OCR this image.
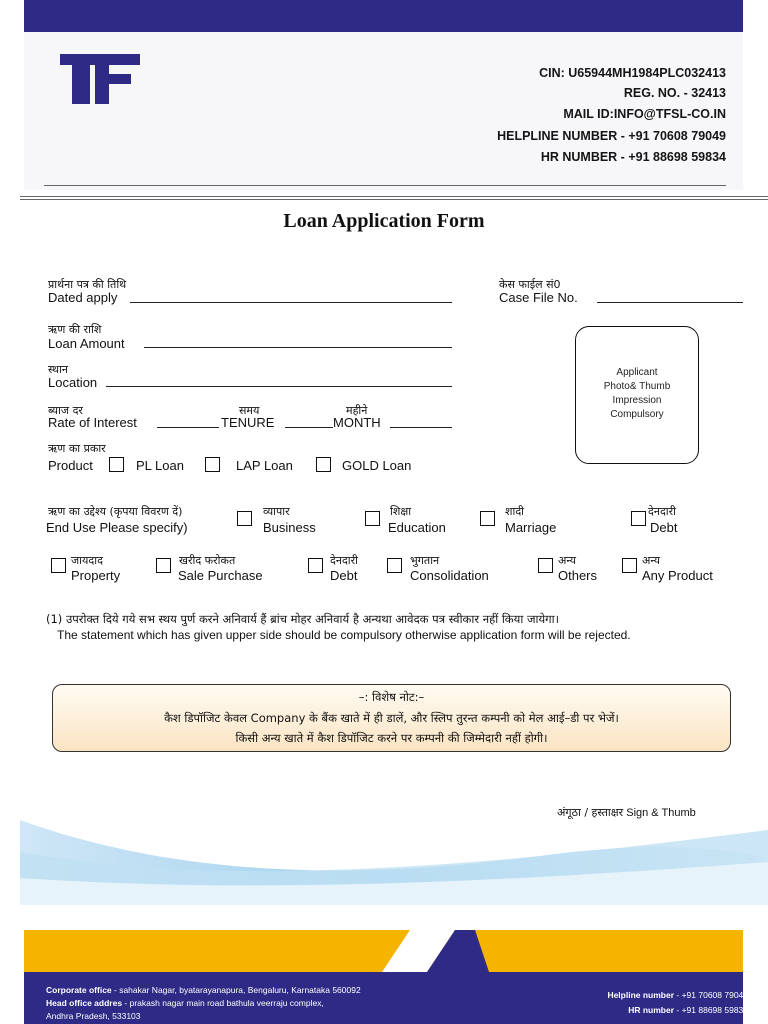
CIN: U65944MH1984PLC032413
REG. NO. - 32413
MAIL ID:INFO@TFSL-CO.IN
HELPLINE NUMBER - +91 70608 79049
HR NUMBER - +91 88698 59834
Loan Application Form
प्रार्थना पत्र की तिथि
Dated apply
केस फाईल सं0
Case File No.
ऋण की राशि
Loan Amount
स्थान
Location
Applicant
Photo& Thumb
Impression
Compulsory
ब्याज दर
Rate of Interest
समय
TENURE
महीने
MONTH
ऋण का प्रकार
Product	PL Loan	LAP Loan	GOLD Loan
ऋण का उद्देश्य (कृपया विवरण दें)
End Use Please specify)
व्यापार
Business
शिक्षा
Education
शादी
Marriage
देनदारी
Debt
जायदाद
Property
खरीद फरोकत
Sale Purchase
देनदारी
Debt
भुगतान
Consolidation
अन्य
Others
अन्य
Any Product
(1) उपरोक्त दिये गये सभ स्थय पुर्ण करने अनिवार्य हैं ब्रांच मोहर अनिवार्य है अन्यथा आवेदक पत्र स्वीकार नहीं किया जायेगा।
The statement which has given upper side should be compulsory otherwise application form will be rejected.
–: विशेष नोट:–
कैश डिपॉजिट केवल Company के बैंक खाते में ही डालें, और स्लिप तुरन्त कम्पनी को मेल आई–डी पर भेजें।
किसी अन्य खाते में कैश डिपॉजिट करने पर कम्पनी की जिम्मेदारी नहीं होगी।
अंगूठा / हस्ताक्षर Sign & Thumb
Corporate office - sahakar Nagar, byatarayanapura, Bengaluru, Karnataka 560092
Head office addres - prakash nagar main road bathula veerraju complex,
Andhra Pradesh, 533103
Helpline number - +91 70608 79049
HR number - +91 88698 59834
